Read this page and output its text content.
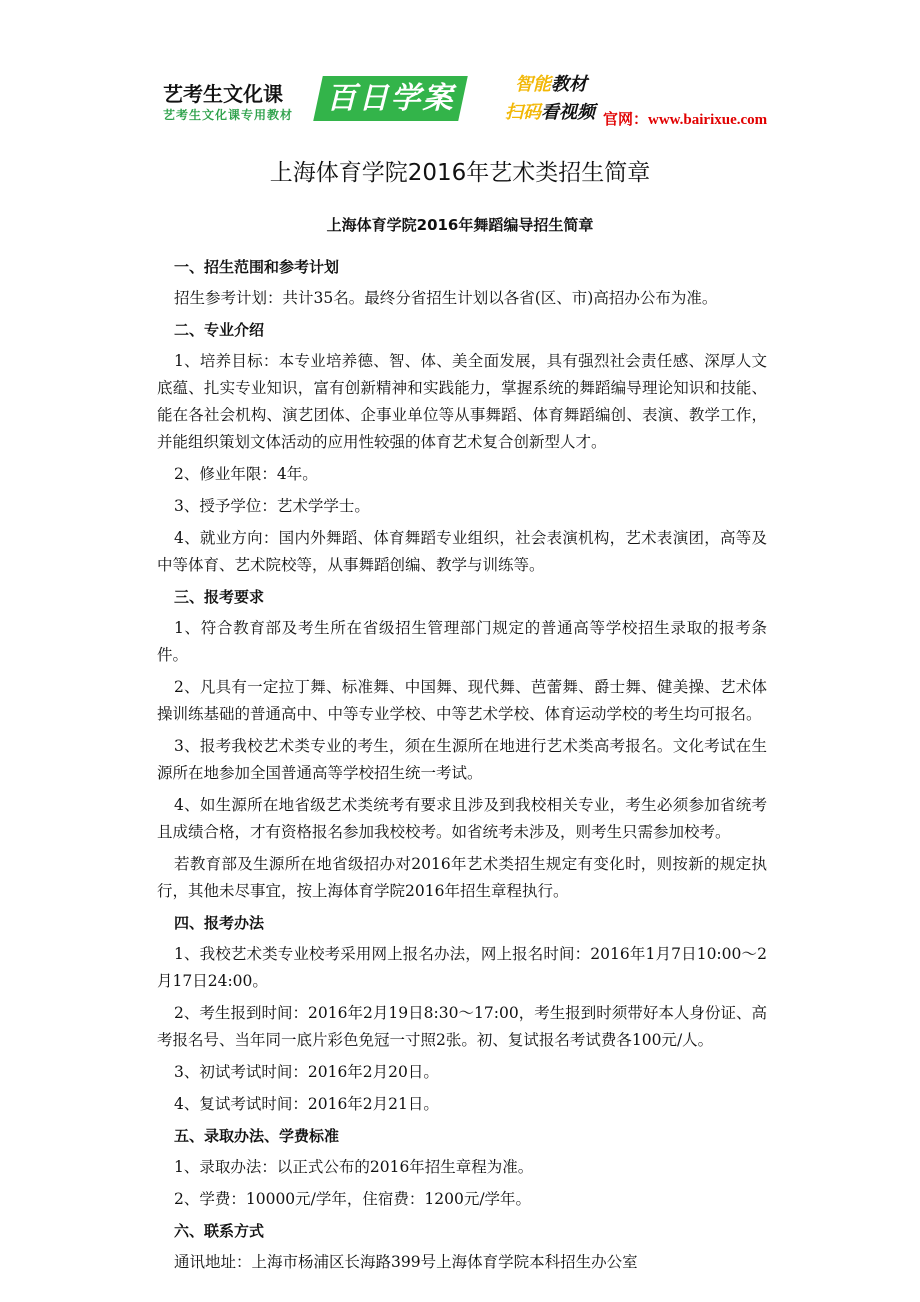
艺考生文化课
艺考生文化课专用教材 百日学案	智能教材
扫码看视频 官网：www.bairixue.com
上海体育学院2016年艺术类招生简章
上海体育学院2016年舞蹈编导招生简章
一、招生范围和参考计划
招生参考计划：共计35名。最终分省招生计划以各省(区、市)高招办公布为准。
二、专业介绍
1、培养目标：本专业培养德、智、体、美全面发展，具有强烈社会责任感、深厚人文底蕴、扎实专业知识，富有创新精神和实践能力，掌握系统的舞蹈编导理论知识和技能、能在各社会机构、演艺团体、企事业单位等从事舞蹈、体育舞蹈编创、表演、教学工作，并能组织策划文体活动的应用性较强的体育艺术复合创新型人才。
2、修业年限：4年。
3、授予学位：艺术学学士。
4、就业方向：国内外舞蹈、体育舞蹈专业组织，社会表演机构，艺术表演团，高等及中等体育、艺术院校等，从事舞蹈创编、教学与训练等。
三、报考要求
1、符合教育部及考生所在省级招生管理部门规定的普通高等学校招生录取的报考条件。
2、凡具有一定拉丁舞、标准舞、中国舞、现代舞、芭蕾舞、爵士舞、健美操、艺术体操训练基础的普通高中、中等专业学校、中等艺术学校、体育运动学校的考生均可报名。
3、报考我校艺术类专业的考生，须在生源所在地进行艺术类高考报名。文化考试在生源所在地参加全国普通高等学校招生统一考试。
4、如生源所在地省级艺术类统考有要求且涉及到我校相关专业，考生必须参加省统考且成绩合格，才有资格报名参加我校校考。如省统考未涉及，则考生只需参加校考。
若教育部及生源所在地省级招办对2016年艺术类招生规定有变化时，则按新的规定执行，其他未尽事宜，按上海体育学院2016年招生章程执行。
四、报考办法
1、我校艺术类专业校考采用网上报名办法，网上报名时间：2016年1月7日10:00～2月17日24:00。
2、考生报到时间：2016年2月19日8:30～17:00，考生报到时须带好本人身份证、高考报名号、当年同一底片彩色免冠一寸照2张。初、复试报名考试费各100元/人。
3、初试考试时间：2016年2月20日。
4、复试考试时间：2016年2月21日。
五、录取办法、学费标准
1、录取办法：以正式公布的2016年招生章程为准。
2、学费：10000元/学年，住宿费：1200元/学年。
六、联系方式
通讯地址：上海市杨浦区长海路399号上海体育学院本科招生办公室
